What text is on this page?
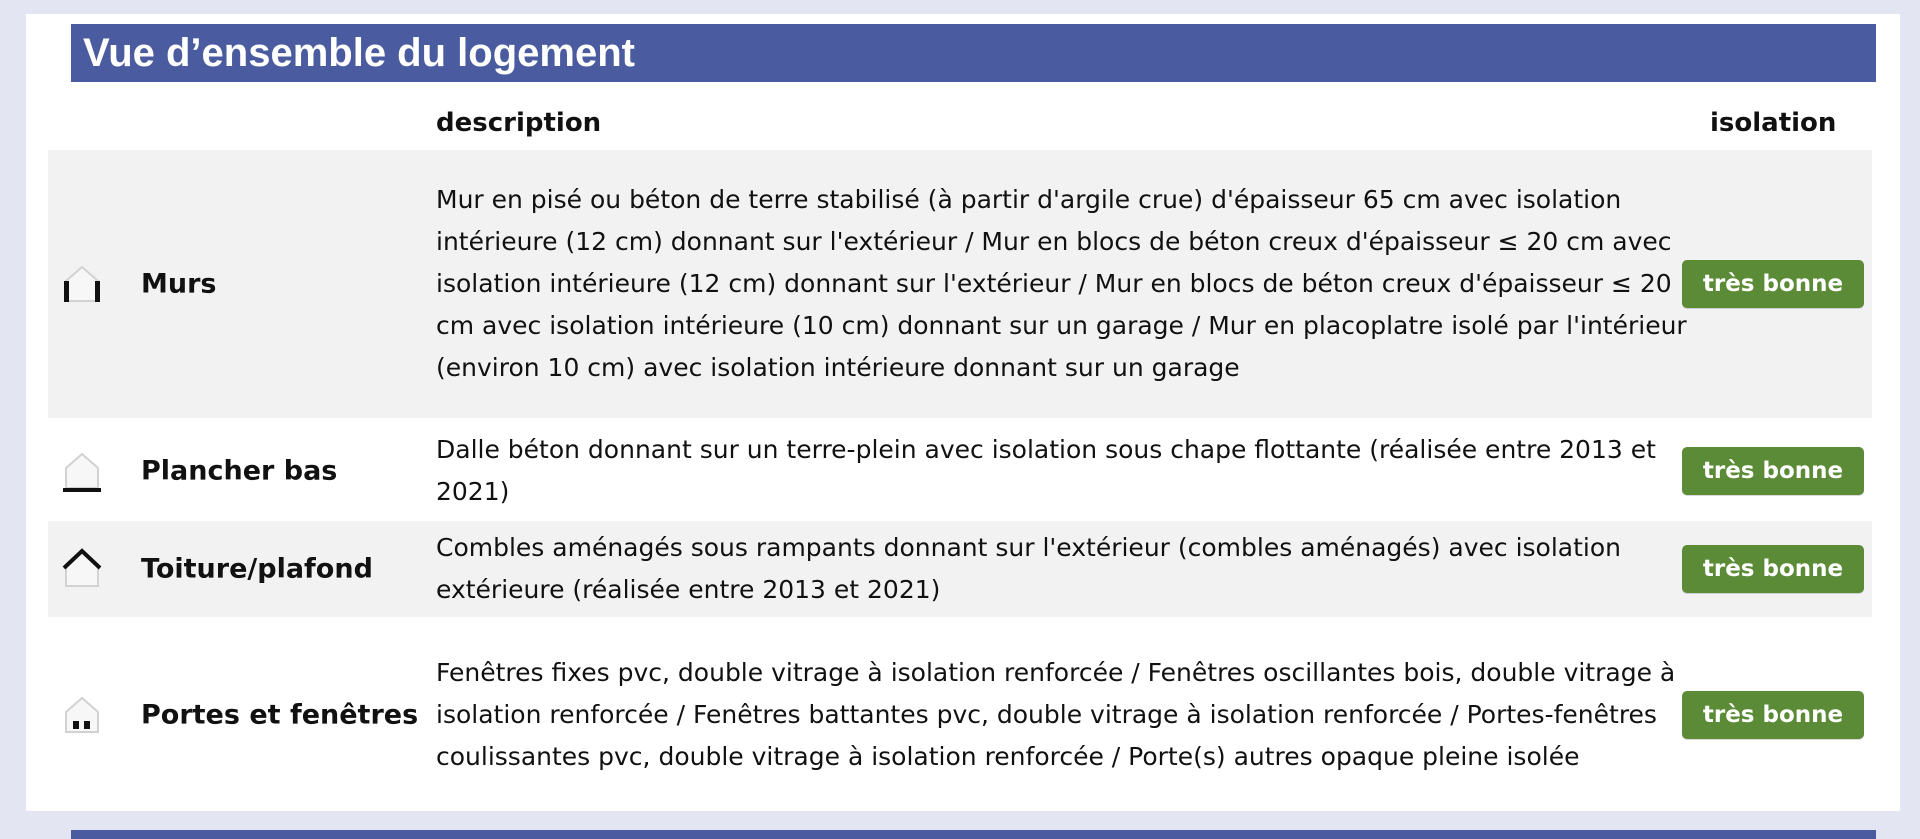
Vue d’ensemble du logement
description	isolation
Murs
Mur en pisé ou béton de terre stabilisé (à partir d'argile crue) d'épaisseur 65 cm avec isolation intérieure (12 cm) donnant sur l'extérieur / Mur en blocs de béton creux d'épaisseur ≤ 20 cm avec isolation intérieure (12 cm) donnant sur l'extérieur / Mur en blocs de béton creux d'épaisseur ≤ 20 cm avec isolation intérieure (10 cm) donnant sur un garage / Mur en placoplatre isolé par l'intérieur (environ 10 cm) avec isolation intérieure donnant sur un garage
très bonne
Plancher bas
Dalle béton donnant sur un terre-plein avec isolation sous chape flottante (réalisée entre 2013 et 2021)
très bonne
Toiture/plafond
Combles aménagés sous rampants donnant sur l'extérieur (combles aménagés) avec isolation extérieure (réalisée entre 2013 et 2021)
très bonne
Portes et fenêtres
Fenêtres fixes pvc, double vitrage à isolation renforcée / Fenêtres oscillantes bois, double vitrage à isolation renforcée / Fenêtres battantes pvc, double vitrage à isolation renforcée / Portes-fenêtres coulissantes pvc, double vitrage à isolation renforcée / Porte(s) autres opaque pleine isolée
très bonne
